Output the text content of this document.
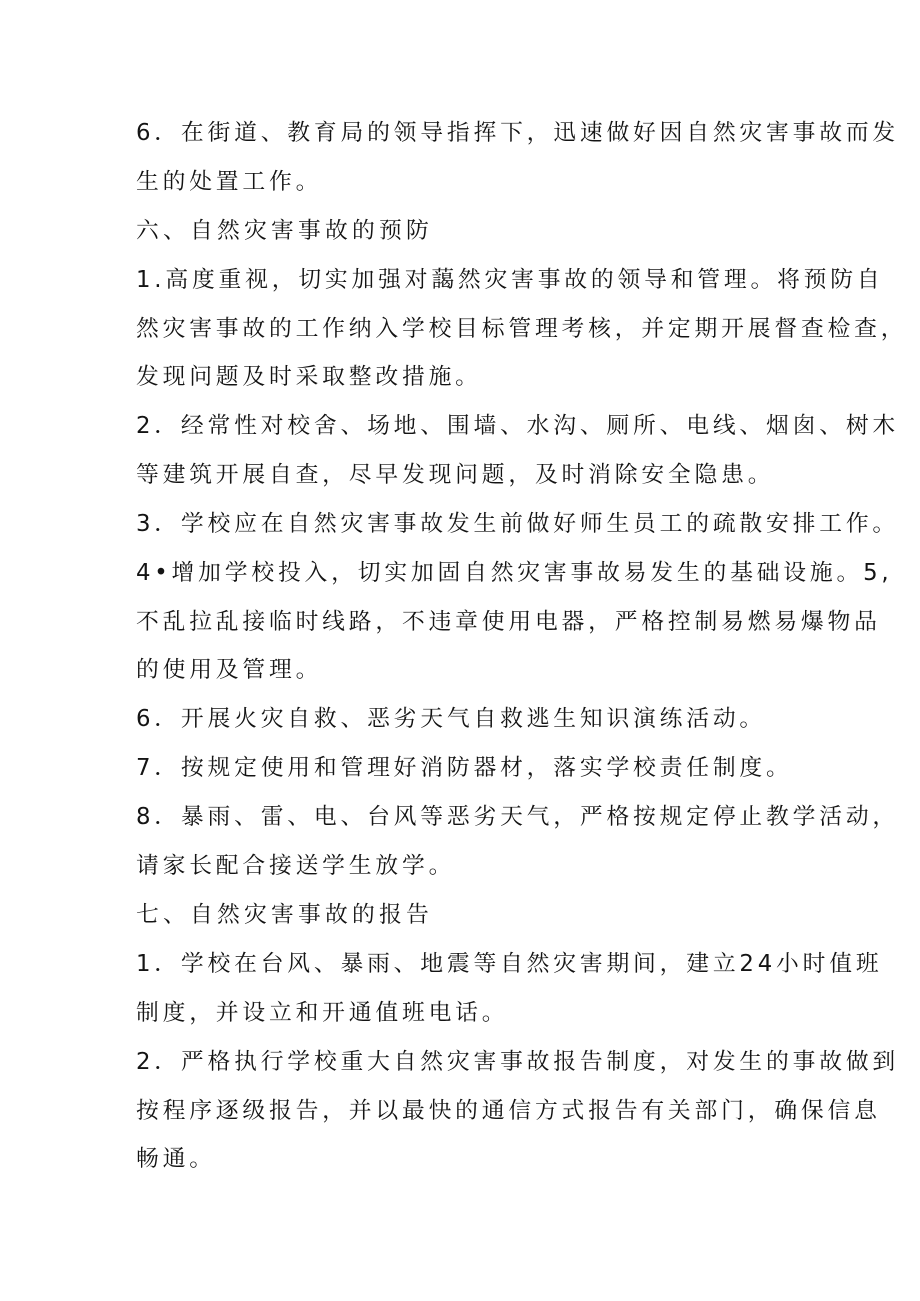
6．在街道、教育局的领导指挥下，迅速做好因自然灾害事故而发
生的处置工作。
六、自然灾害事故的预防
1.高度重视，切实加强对藹然灾害事故的领导和管理。将预防自
然灾害事故的工作纳入学校目标管理考核，并定期开展督查检查，
发现问题及时采取整改措施。
2．经常性对校舍、场地、围墙、水沟、厕所、电线、烟囱、树木
等建筑开展自查，尽早发现问题，及时消除安全隐患。
3．学校应在自然灾害事故发生前做好师生员工的疏散安排工作。
4•增加学校投入，切实加固自然灾害事故易发生的基础设施。5,
不乱拉乱接临时线路，不违章使用电器，严格控制易燃易爆物品
的使用及管理。
6．开展火灾自救、恶劣天气自救逃生知识演练活动。
7．按规定使用和管理好消防器材，落实学校责任制度。
8．暴雨、雷、电、台风等恶劣天气，严格按规定停止教学活动，
请家长配合接送学生放学。
七、自然灾害事故的报告
1．学校在台风、暴雨、地震等自然灾害期间，建立24小时值班
制度，并设立和开通值班电话。
2．严格执行学校重大自然灾害事故报告制度，对发生的事故做到
按程序逐级报告，并以最快的通信方式报告有关部门，确保信息
畅通。
